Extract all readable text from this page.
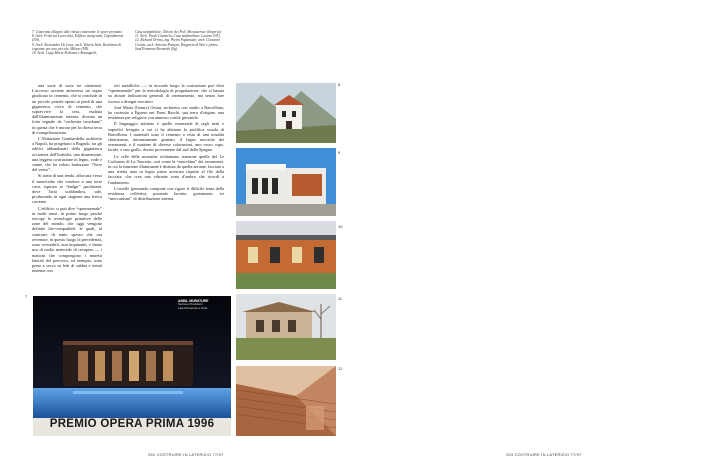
7. Copertina allegato alla rivista contenente le opere premiate.
8. Arch. Federica Lavecchia, Edificio uni/gemini, Capodimonte (NA).
9. Arch. Alessandro De Luca, arch. Valeria Isidi, Residenza di cognome per una piccola, Milano (MI).
10. Arch. Luigi Maria Pedrazzi e Romagnoli,
Casa unifamiliare, Oliveto dei Poli, Monasterace (Imperia).
11. Arch. Paolo Giannetti, Casa unifamiliare, Lavano (VE).
12. Richard Orrina, ing. Pietro Papamatte, arch. Giovanni Cosola, arch. Antonio Pompeo, Rapporto di libri e pietra, Sant'Ermanno Bernardo (Sg).

una sorte di sorte tre ottomenti. L'accesso avviene attraverso un segno giudicato in cemento, che si conclude in un piccolo portale aperto ai piedi di una gigantesca croce di cemento, che sopravvive la sera, esaltata dall'illuminazione esterna, diventa un forte segnale da “orchestra trionfante” in questa che è ancora per la chiesa terra di evangelizzazione.

L'Abitazione Gambardella architetto a Napoli, ha progettato a Bagnoli, tra gli edifici abbandonati della gigantesca acciaieria dell'Italsider, una dimensione, una leggera costruzione in legno, vode e canne, che ha voluto battezzare “Torre del vento”.

Si tratta di una tenda, affaccata verso il mare/radio che conduce a una torre cava, ispirata ai “badgir” pachistani, dove l'aria scaldandosi, sale, producendo in ogni stagione una fresca corrente.

L'edificio si può dire “sperimentale” in molti sensi: in primo luogo perché riecopy le tecnologie primitive delle zone del mondo, che oggi vengono definite bio-compatibili: le quali, al contrario di tanto spesso che ora avvenute, in questo luogo la precedenza, sono rovistabili, non inquinanti, e fanno uso di molto materiale di recupero — i mattoni che compongono i muretti laterali del percorso, ad esempio, sono prese a secco su letti di sabbia e tenuti insieme con

reti metalliche —; in secondo luogo la costruzione può dirsi “sperimentale” per la metodologia di progettazione, che si basata su alcune indicazioni generali di orientamento, ma senza fare ricorso a disegni esecutivi.

José Maria (Genny) Orsini, architetto con studio a Barcellona, ha costruito a Egueso nei Paesi Baschi, sua terra d'origine, una residenza per religiose con annesso cortile giovanile.

Il linguaggio adottato è quello essenziale di tagli netti e superfici levigate a cui ci ha abituato la prolifica scuola di Barcellona. I materiali sono il cemento a vista di una tonalità chiarissima, intonatamente grattato, il legno nocciola dei serramenti, e il mattone di diverse colorazioni, uno rosso cupo, locale, e uno giallo, dorato proveniente dal sud della Spagna.

Le celle delle monache richiamano stanzone quelle del Le Corbusier di La Tourette, così come la “macchina” dei serramenti, in cui la funzione illuminante è distinta da quella aerante, lasciata a una stretta anta in legno pieno arretrata rispetto al filo della facciata, che crea una vibrante zona d'ombra che ricordi a l'andamento.

L'ossello (pensando compone con rigore il difficile tema della residenza collettiva, puoendo lucente, gioiamente, ivi “meccanismi” di distribuzione interna.

7
ANDIL MURATURE
Sezione Produttori
Laterizi Faccia a Vista
PREMIO OPERA PRIMA 1996
8
9
10
11
12
252 COSTRUIRE IN LATERIZIO 77/97	253 COSTRUIRE IN LATERIZIO 77/97
